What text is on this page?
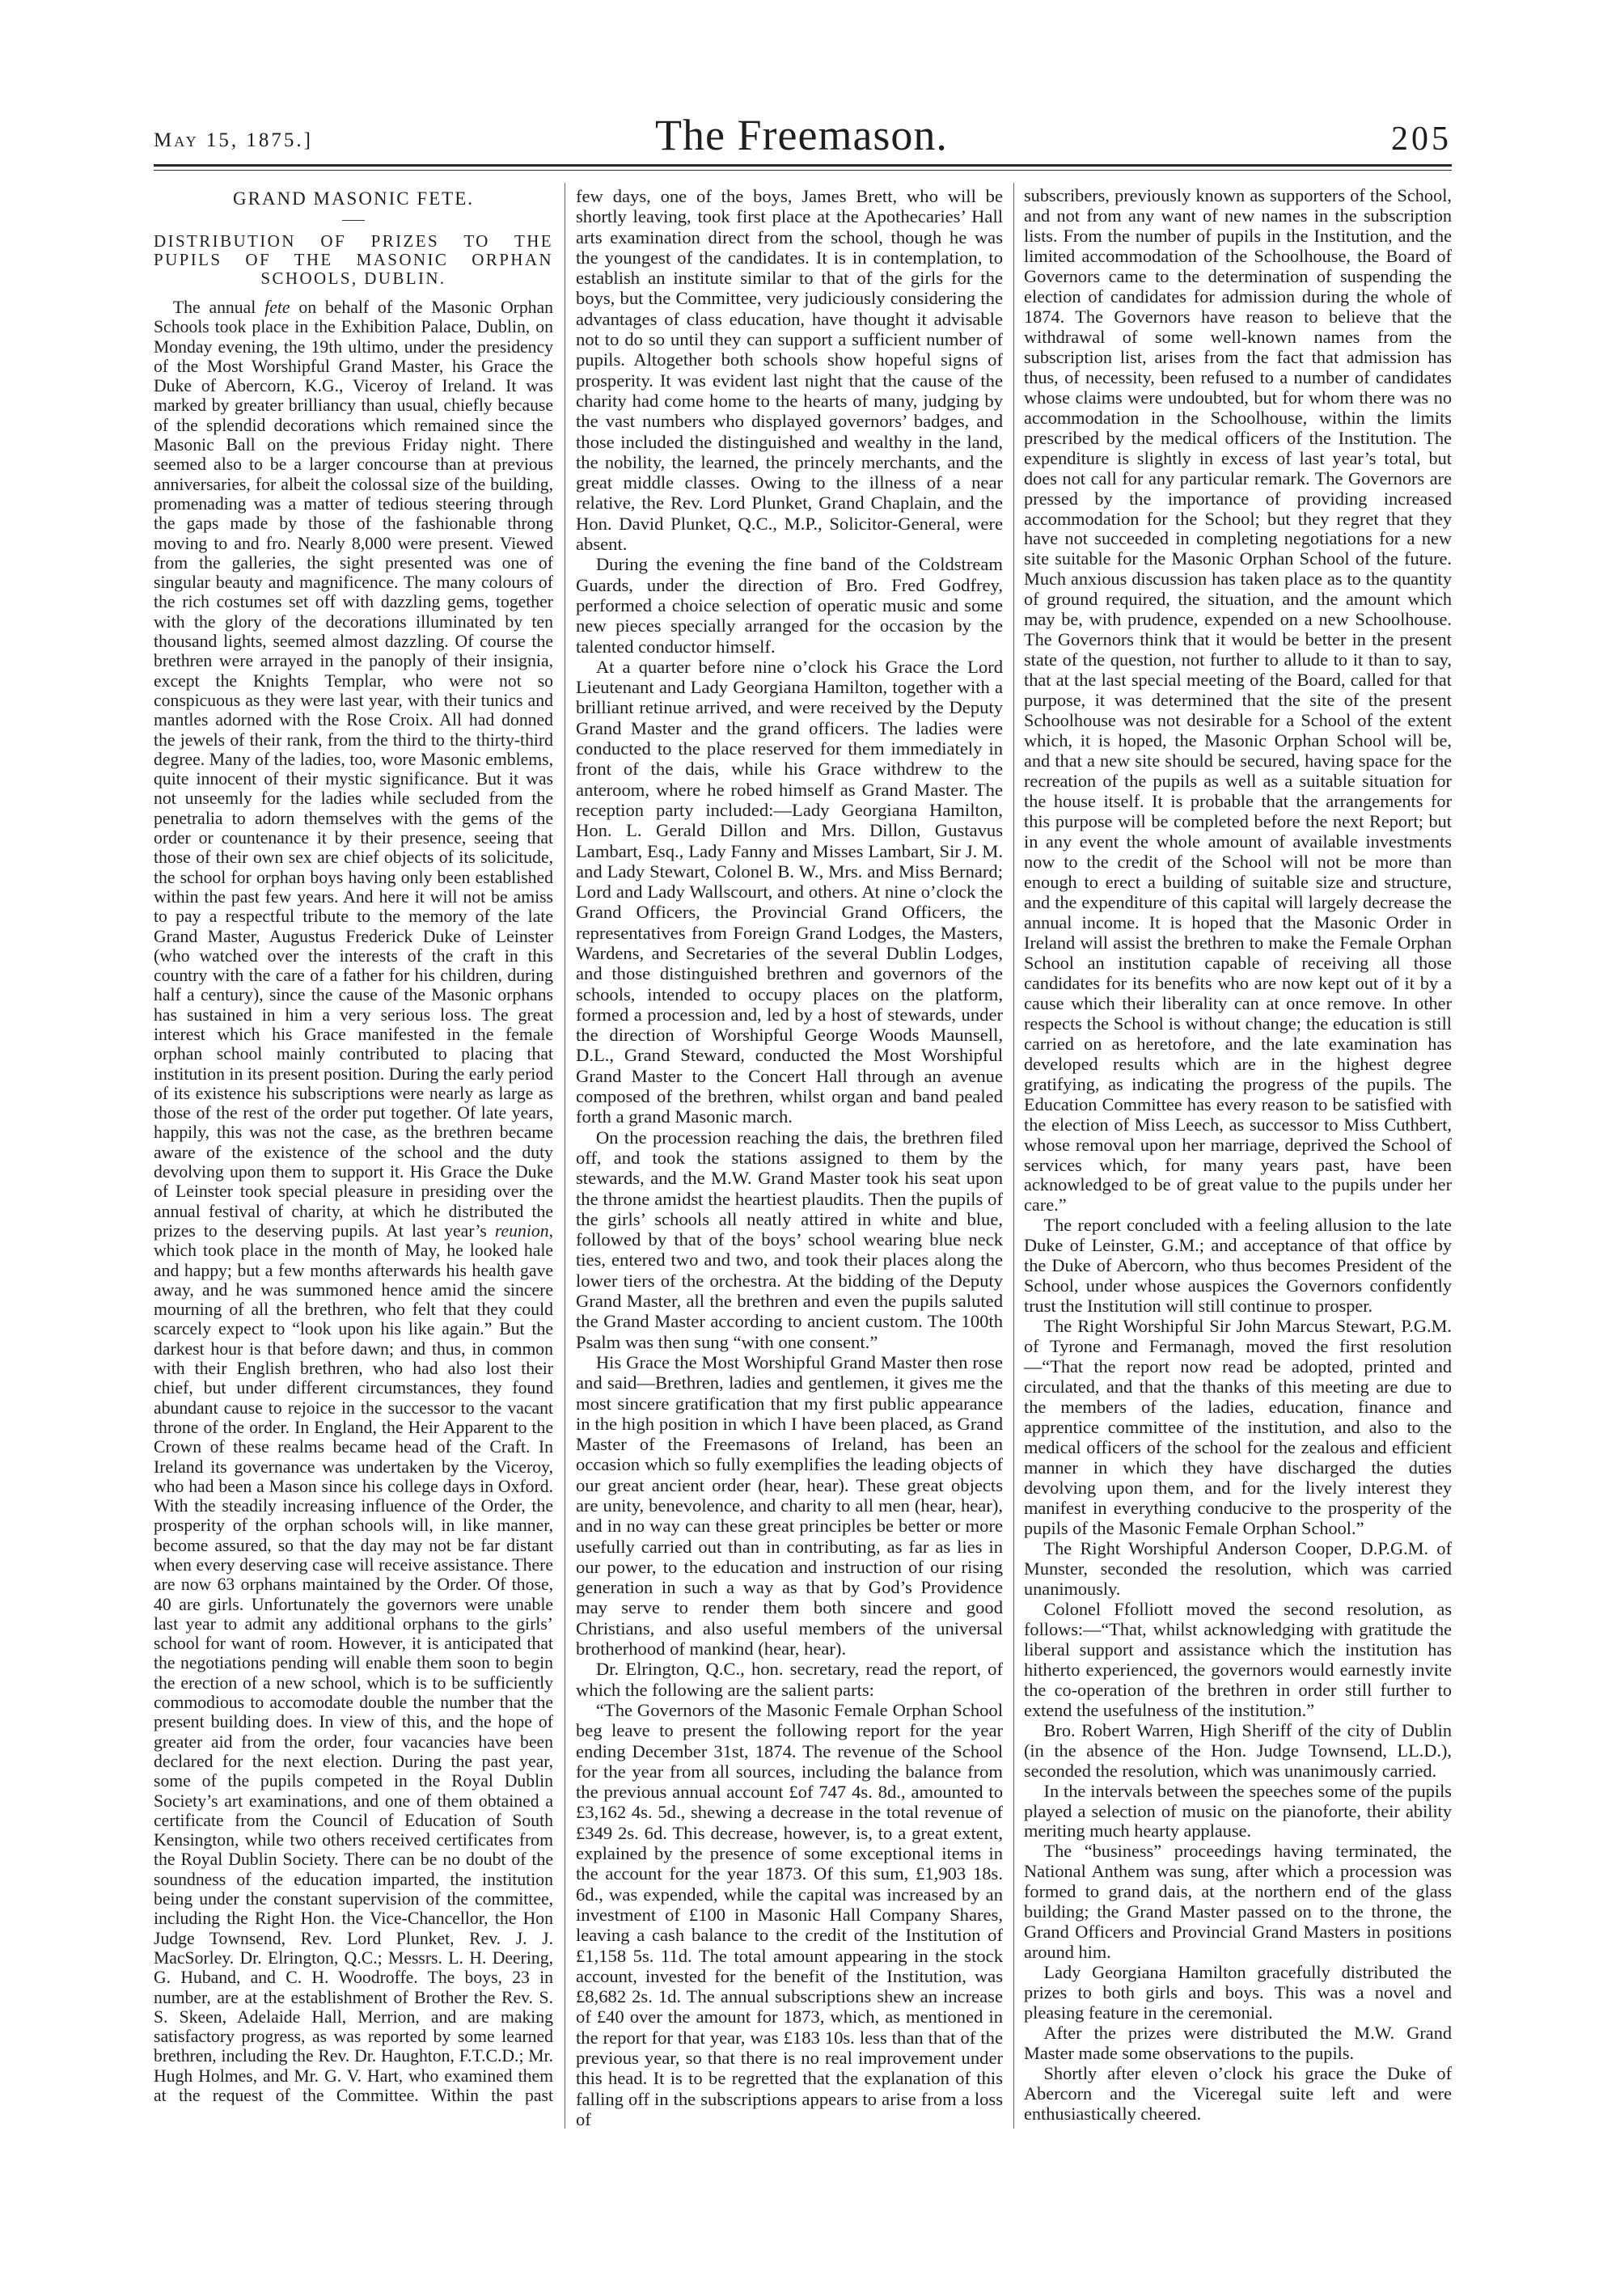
May 15, 1875.]	The Freemason.	205
GRAND MASONIC FETE.
DISTRIBUTION OF PRIZES TO THE PUPILS OF THE MASONIC ORPHAN SCHOOLS, DUBLIN.

The annual fete on behalf of the Masonic Orphan Schools took place in the Exhibition Palace, Dublin, on Monday evening, the 19th ultimo, under the presidency of the Most Worshipful Grand Master, his Grace the Duke of Abercorn, K.G., Viceroy of Ireland. It was marked by greater brilliancy than usual, chiefly because of the splendid decorations which remained since the Masonic Ball on the previous Friday night. There seemed also to be a larger concourse than at previous anniversaries, for albeit the colossal size of the building, promenading was a matter of tedious steering through the gaps made by those of the fashionable throng moving to and fro. Nearly 8,000 were present. Viewed from the galleries, the sight presented was one of singular beauty and magnificence. The many colours of the rich costumes set off with dazzling gems, together with the glory of the decorations illuminated by ten thousand lights, seemed almost dazzling. Of course the brethren were arrayed in the panoply of their insignia, except the Knights Templar, who were not so conspicuous as they were last year, with their tunics and mantles adorned with the Rose Croix. All had donned the jewels of their rank, from the third to the thirty-third degree. Many of the ladies, too, wore Masonic emblems, quite innocent of their mystic significance. But it was not unseemly for the ladies while secluded from the penetralia to adorn themselves with the gems of the order or countenance it by their presence, seeing that those of their own sex are chief objects of its solicitude, the school for orphan boys having only been established within the past few years. And here it will not be amiss to pay a respectful tribute to the memory of the late Grand Master, Augustus Frederick Duke of Leinster (who watched over the interests of the craft in this country with the care of a father for his children, during half a century), since the cause of the Masonic orphans has sustained in him a very serious loss. The great interest which his Grace manifested in the female orphan school mainly contributed to placing that institution in its present position. During the early period of its existence his subscriptions were nearly as large as those of the rest of the order put together. Of late years, happily, this was not the case, as the brethren became aware of the existence of the school and the duty devolving upon them to support it. His Grace the Duke of Leinster took special pleasure in presiding over the annual festival of charity, at which he distributed the prizes to the deserving pupils. At last year’s reunion, which took place in the month of May, he looked hale and happy; but a few months afterwards his health gave away, and he was summoned hence amid the sincere mourning of all the brethren, who felt that they could scarcely expect to “look upon his like again.” But the darkest hour is that before dawn; and thus, in common with their English brethren, who had also lost their chief, but under different circumstances, they found abundant cause to rejoice in the successor to the vacant throne of the order. In England, the Heir Apparent to the Crown of these realms became head of the Craft. In Ireland its governance was undertaken by the Viceroy, who had been a Mason since his college days in Oxford. With the steadily increasing influence of the Order, the prosperity of the orphan schools will, in like manner, become assured, so that the day may not be far distant when every deserving case will receive assistance. There are now 63 orphans maintained by the Order. Of those, 40 are girls. Unfortunately the governors were unable last year to admit any additional orphans to the girls’ school for want of room. However, it is anticipated that the negotiations pending will enable them soon to begin the erection of a new school, which is to be sufficiently commodious to accomodate double the number that the present building does. In view of this, and the hope of greater aid from the order, four vacancies have been declared for the next election. During the past year, some of the pupils competed in the Royal Dublin Society’s art examinations, and one of them obtained a certificate from the Council of Education of South Kensington, while two others received certificates from the Royal Dublin Society. There can be no doubt of the soundness of the education imparted, the institution being under the constant supervision of the committee, including the Right Hon. the Vice-Chancellor, the Hon Judge Townsend, Rev. Lord Plunket, Rev. J. J. MacSorley. Dr. Elrington, Q.C.; Messrs. L. H. Deering, G. Huband, and C. H. Woodroffe. The boys, 23 in number, are at the establishment of Brother the Rev. S. S. Skeen, Adelaide Hall, Merrion, and are making satisfactory progress, as was reported by some learned brethren, including the Rev. Dr. Haughton, F.T.C.D.; Mr. Hugh Holmes, and Mr. G. V. Hart, who examined them at the request of the Committee. Within the past

few days, one of the boys, James Brett, who will be shortly leaving, took first place at the Apothecaries’ Hall arts examination direct from the school, though he was the youngest of the candidates. It is in contemplation, to establish an institute similar to that of the girls for the boys, but the Committee, very judiciously considering the advantages of class education, have thought it advisable not to do so until they can support a sufficient number of pupils. Altogether both schools show hopeful signs of prosperity. It was evident last night that the cause of the charity had come home to the hearts of many, judging by the vast numbers who displayed governors’ badges, and those included the distinguished and wealthy in the land, the nobility, the learned, the princely merchants, and the great middle classes. Owing to the illness of a near relative, the Rev. Lord Plunket, Grand Chaplain, and the Hon. David Plunket, Q.C., M.P., Solicitor-General, were absent.

During the evening the fine band of the Coldstream Guards, under the direction of Bro. Fred Godfrey, performed a choice selection of operatic music and some new pieces specially arranged for the occasion by the talented conductor himself.

At a quarter before nine o’clock his Grace the Lord Lieutenant and Lady Georgiana Hamilton, together with a brilliant retinue arrived, and were received by the Deputy Grand Master and the grand officers. The ladies were conducted to the place reserved for them immediately in front of the dais, while his Grace withdrew to the anteroom, where he robed himself as Grand Master. The reception party included:—Lady Georgiana Hamilton, Hon. L. Gerald Dillon and Mrs. Dillon, Gustavus Lambart, Esq., Lady Fanny and Misses Lambart, Sir J. M. and Lady Stewart, Colonel B. W., Mrs. and Miss Bernard; Lord and Lady Wallscourt, and others. At nine o’clock the Grand Officers, the Provincial Grand Officers, the representatives from Foreign Grand Lodges, the Masters, Wardens, and Secretaries of the several Dublin Lodges, and those distinguished brethren and governors of the schools, intended to occupy places on the platform, formed a procession and, led by a host of stewards, under the direction of Worshipful George Woods Maunsell, D.L., Grand Steward, conducted the Most Worshipful Grand Master to the Concert Hall through an avenue composed of the brethren, whilst organ and band pealed forth a grand Masonic march.

On the procession reaching the dais, the brethren filed off, and took the stations assigned to them by the stewards, and the M.W. Grand Master took his seat upon the throne amidst the heartiest plaudits. Then the pupils of the girls’ schools all neatly attired in white and blue, followed by that of the boys’ school wearing blue neck ties, entered two and two, and took their places along the lower tiers of the orchestra. At the bidding of the Deputy Grand Master, all the brethren and even the pupils saluted the Grand Master according to ancient custom. The 100th Psalm was then sung “with one consent.”

His Grace the Most Worshipful Grand Master then rose and said—Brethren, ladies and gentlemen, it gives me the most sincere gratification that my first public appearance in the high position in which I have been placed, as Grand Master of the Freemasons of Ireland, has been an occasion which so fully exemplifies the leading objects of our great ancient order (hear, hear). These great objects are unity, benevolence, and charity to all men (hear, hear), and in no way can these great principles be better or more usefully carried out than in contributing, as far as lies in our power, to the education and instruction of our rising generation in such a way as that by God’s Providence may serve to render them both sincere and good Christians, and also useful members of the universal brotherhood of mankind (hear, hear).

Dr. Elrington, Q.C., hon. secretary, read the report, of which the following are the salient parts:

“The Governors of the Masonic Female Orphan School beg leave to present the following report for the year ending December 31st, 1874. The revenue of the School for the year from all sources, including the balance from the previous annual account £of 747 4s. 8d., amounted to £3,162 4s. 5d., shewing a decrease in the total revenue of £349 2s. 6d. This decrease, however, is, to a great extent, explained by the presence of some exceptional items in the account for the year 1873. Of this sum, £1,903 18s. 6d., was expended, while the capital was increased by an investment of £100 in Masonic Hall Company Shares, leaving a cash balance to the credit of the Institution of £1,158 5s. 11d. The total amount appearing in the stock account, invested for the benefit of the Institution, was £8,682 2s. 1d. The annual subscriptions shew an increase of £40 over the amount for 1873, which, as mentioned in the report for that year, was £183 10s. less than that of the previous year, so that there is no real improvement under this head. It is to be regretted that the explanation of this falling off in the subscriptions appears to arise from a loss of

subscribers, previously known as supporters of the School, and not from any want of new names in the subscription lists. From the number of pupils in the Institution, and the limited accommodation of the Schoolhouse, the Board of Governors came to the determination of suspending the election of candidates for admission during the whole of 1874. The Governors have reason to believe that the withdrawal of some well-known names from the subscription list, arises from the fact that admission has thus, of necessity, been refused to a number of candidates whose claims were undoubted, but for whom there was no accommodation in the Schoolhouse, within the limits prescribed by the medical officers of the Institution. The expenditure is slightly in excess of last year’s total, but does not call for any particular remark. The Governors are pressed by the importance of providing increased accommodation for the School; but they regret that they have not succeeded in completing negotiations for a new site suitable for the Masonic Orphan School of the future. Much anxious discussion has taken place as to the quantity of ground required, the situation, and the amount which may be, with prudence, expended on a new Schoolhouse. The Governors think that it would be better in the present state of the question, not further to allude to it than to say, that at the last special meeting of the Board, called for that purpose, it was determined that the site of the present Schoolhouse was not desirable for a School of the extent which, it is hoped, the Masonic Orphan School will be, and that a new site should be secured, having space for the recreation of the pupils as well as a suitable situation for the house itself. It is probable that the arrangements for this purpose will be completed before the next Report; but in any event the whole amount of available investments now to the credit of the School will not be more than enough to erect a building of suitable size and structure, and the expenditure of this capital will largely decrease the annual income. It is hoped that the Masonic Order in Ireland will assist the brethren to make the Female Orphan School an institution capable of receiving all those candidates for its benefits who are now kept out of it by a cause which their liberality can at once remove. In other respects the School is without change; the education is still carried on as heretofore, and the late examination has developed results which are in the highest degree gratifying, as indicating the progress of the pupils. The Education Committee has every reason to be satisfied with the election of Miss Leech, as successor to Miss Cuthbert, whose removal upon her marriage, deprived the School of services which, for many years past, have been acknowledged to be of great value to the pupils under her care.”

The report concluded with a feeling allusion to the late Duke of Leinster, G.M.; and acceptance of that office by the Duke of Abercorn, who thus becomes President of the School, under whose auspices the Governors confidently trust the Institution will still continue to prosper.

The Right Worshipful Sir John Marcus Stewart, P.G.M. of Tyrone and Fermanagh, moved the first resolution—“That the report now read be adopted, printed and circulated, and that the thanks of this meeting are due to the members of the ladies, education, finance and apprentice committee of the institution, and also to the medical officers of the school for the zealous and efficient manner in which they have discharged the duties devolving upon them, and for the lively interest they manifest in everything conducive to the prosperity of the pupils of the Masonic Female Orphan School.”

The Right Worshipful Anderson Cooper, D.P.G.M. of Munster, seconded the resolution, which was carried unanimously.

Colonel Ffolliott moved the second resolution, as follows:—“That, whilst acknowledging with gratitude the liberal support and assistance which the institution has hitherto experienced, the governors would earnestly invite the co-operation of the brethren in order still further to extend the usefulness of the institution.”

Bro. Robert Warren, High Sheriff of the city of Dublin (in the absence of the Hon. Judge Townsend, LL.D.), seconded the resolution, which was unanimously carried.

In the intervals between the speeches some of the pupils played a selection of music on the pianoforte, their ability meriting much hearty applause.

The “business” proceedings having terminated, the National Anthem was sung, after which a procession was formed to grand dais, at the northern end of the glass building; the Grand Master passed on to the throne, the Grand Officers and Provincial Grand Masters in positions around him.

Lady Georgiana Hamilton gracefully distributed the prizes to both girls and boys. This was a novel and pleasing feature in the ceremonial.

After the prizes were distributed the M.W. Grand Master made some observations to the pupils.

Shortly after eleven o’clock his grace the Duke of Abercorn and the Viceregal suite left and were enthusiastically cheered.
